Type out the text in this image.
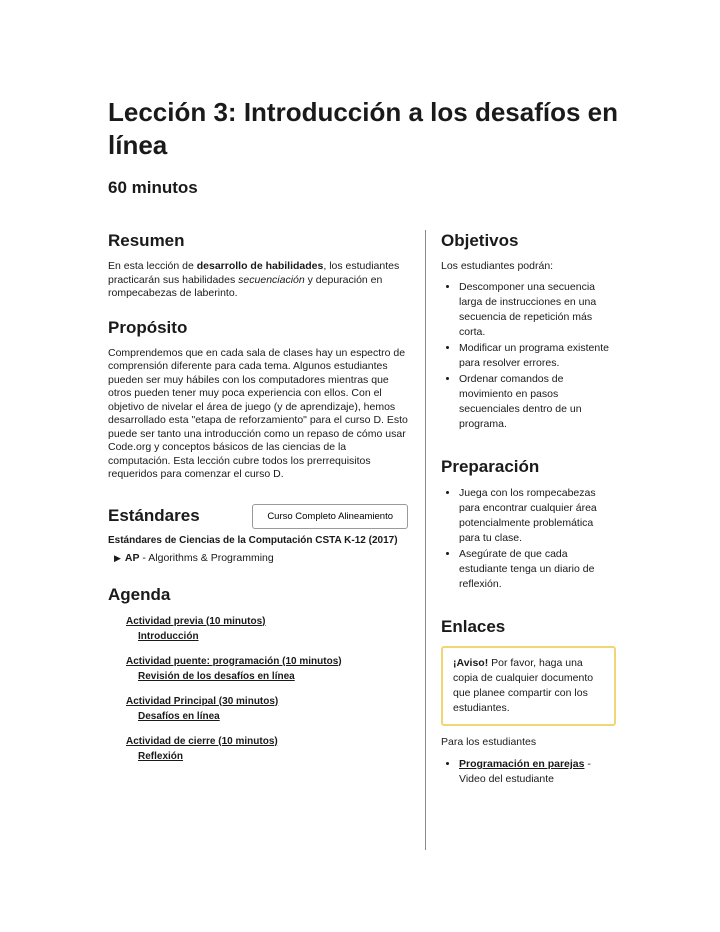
Lección 3: Introducción a los desafíos en línea
60 minutos
Resumen

En esta lección de desarrollo de habilidades, los estudiantes practicarán sus habilidades secuenciación y depuración en rompecabezas de laberinto.

Propósito

Comprendemos que en cada sala de clases hay un espectro de comprensión diferente para cada tema. Algunos estudiantes pueden ser muy hábiles con los computadores mientras que otros pueden tener muy poca experiencia con ellos. Con el objetivo de nivelar el área de juego (y de aprendizaje), hemos desarrollado esta "etapa de reforzamiento" para el curso D. Esto puede ser tanto una introducción como un repaso de cómo usar Code.org y conceptos básicos de las ciencias de la computación. Esta lección cubre todos los prerrequisitos requeridos para comenzar el curso D.

Estándares	Curso Completo Alineamiento
Estándares de Ciencias de la Computación CSTA K-12 (2017)
▶ AP - Algorithms & Programming
Agenda
Actividad previa (10 minutos)
Introducción
Actividad puente: programación (10 minutos)
Revisión de los desafíos en línea
Actividad Principal (30 minutos)
Desafíos en línea
Actividad de cierre (10 minutos)
Reflexión
Objetivos

Los estudiantes podrán:

• Descomponer una secuencia larga de instrucciones en una secuencia de repetición más corta.
• Modificar un programa existente para resolver errores.
• Ordenar comandos de movimiento en pasos secuenciales dentro de un programa.
Preparación
• Juega con los rompecabezas para encontrar cualquier área potencialmente problemática para tu clase.
• Asegúrate de que cada estudiante tenga un diario de reflexión.
Enlaces
¡Aviso! Por favor, haga una copia de cualquier documento que planee compartir con los estudiantes.

Para los estudiantes

• Programación en parejas - Video del estudiante
